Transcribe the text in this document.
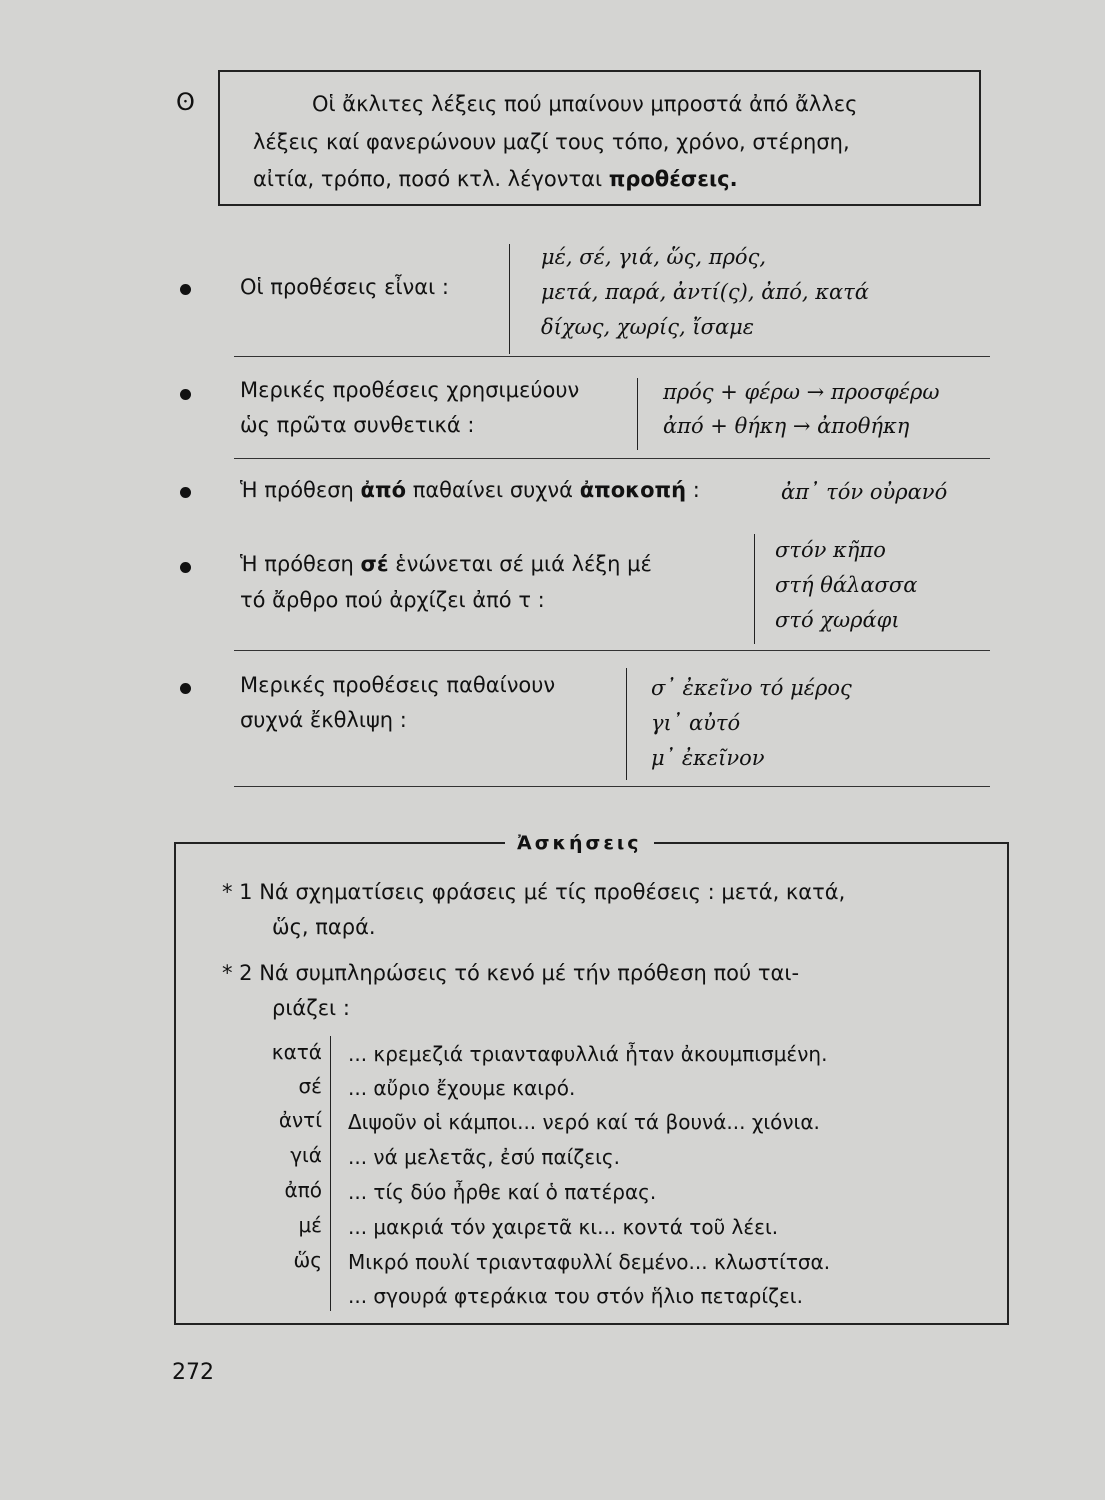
ʘ	Οἱ ἄκλιτες λέξεις πού μπαίνουν μπροστά ἀπό ἄλλες
λέξεις καί φανερώνουν μαζί τους τόπο, χρόνο, στέρηση,
αἰτία, τρόπο, ποσό κτλ. λέγονται προθέσεις.
Οἱ προθέσεις εἶναι :
μέ, σέ, γιά, ὥς, πρός,
μετά, παρά, ἀντί(ς), ἀπό, κατά
δίχως, χωρίς, ἴσαμε
Μερικές προθέσεις χρησιμεύουν
ὡς πρῶτα συνθετικά :
πρός + φέρω → προσφέρω
ἀπό + θήκη → ἀποθήκη
Ἡ πρόθεση ἀπό παθαίνει συχνά ἀποκοπή :	ἀπ᾽ τόν οὐρανό
Ἡ πρόθεση σέ ἑνώνεται σέ μιά λέξη μέ
τό ἄρθρο πού ἀρχίζει ἀπό τ :
στόν κῆπο
στή θάλασσα
στό χωράφι
Μερικές προθέσεις παθαίνουν
συχνά ἔκθλιψη :
σ᾽ ἐκεῖνο τό μέρος
γι᾽ αὐτό
μ᾽ ἐκεῖνον
Ἀσκήσεις
* 1 Νά σχηματίσεις φράσεις μέ τίς προθέσεις : μετά, κατά,
ὥς, παρά.
* 2 Νά συμπληρώσεις τό κενό μέ τήν πρόθεση πού ται-
ριάζει :
κατά
σέ
ἀντί
γιά
ἀπό
μέ
ὥς
... κρεμεζιά τριανταφυλλιά ἦταν ἀκουμπισμένη.
... αὔριο ἔχουμε καιρό.
Διψοῦν οἱ κάμποι... νερό καί τά βουνά... χιόνια.
... νά μελετᾶς, ἐσύ παίζεις.
... τίς δύο ἦρθε καί ὁ πατέρας.
... μακριά τόν χαιρετᾶ κι... κοντά τοῦ λέει.
Μικρό πουλί τριανταφυλλί δεμένο... κλωστίτσα.
... σγουρά φτεράκια του στόν ἥλιο πεταρίζει.
272
